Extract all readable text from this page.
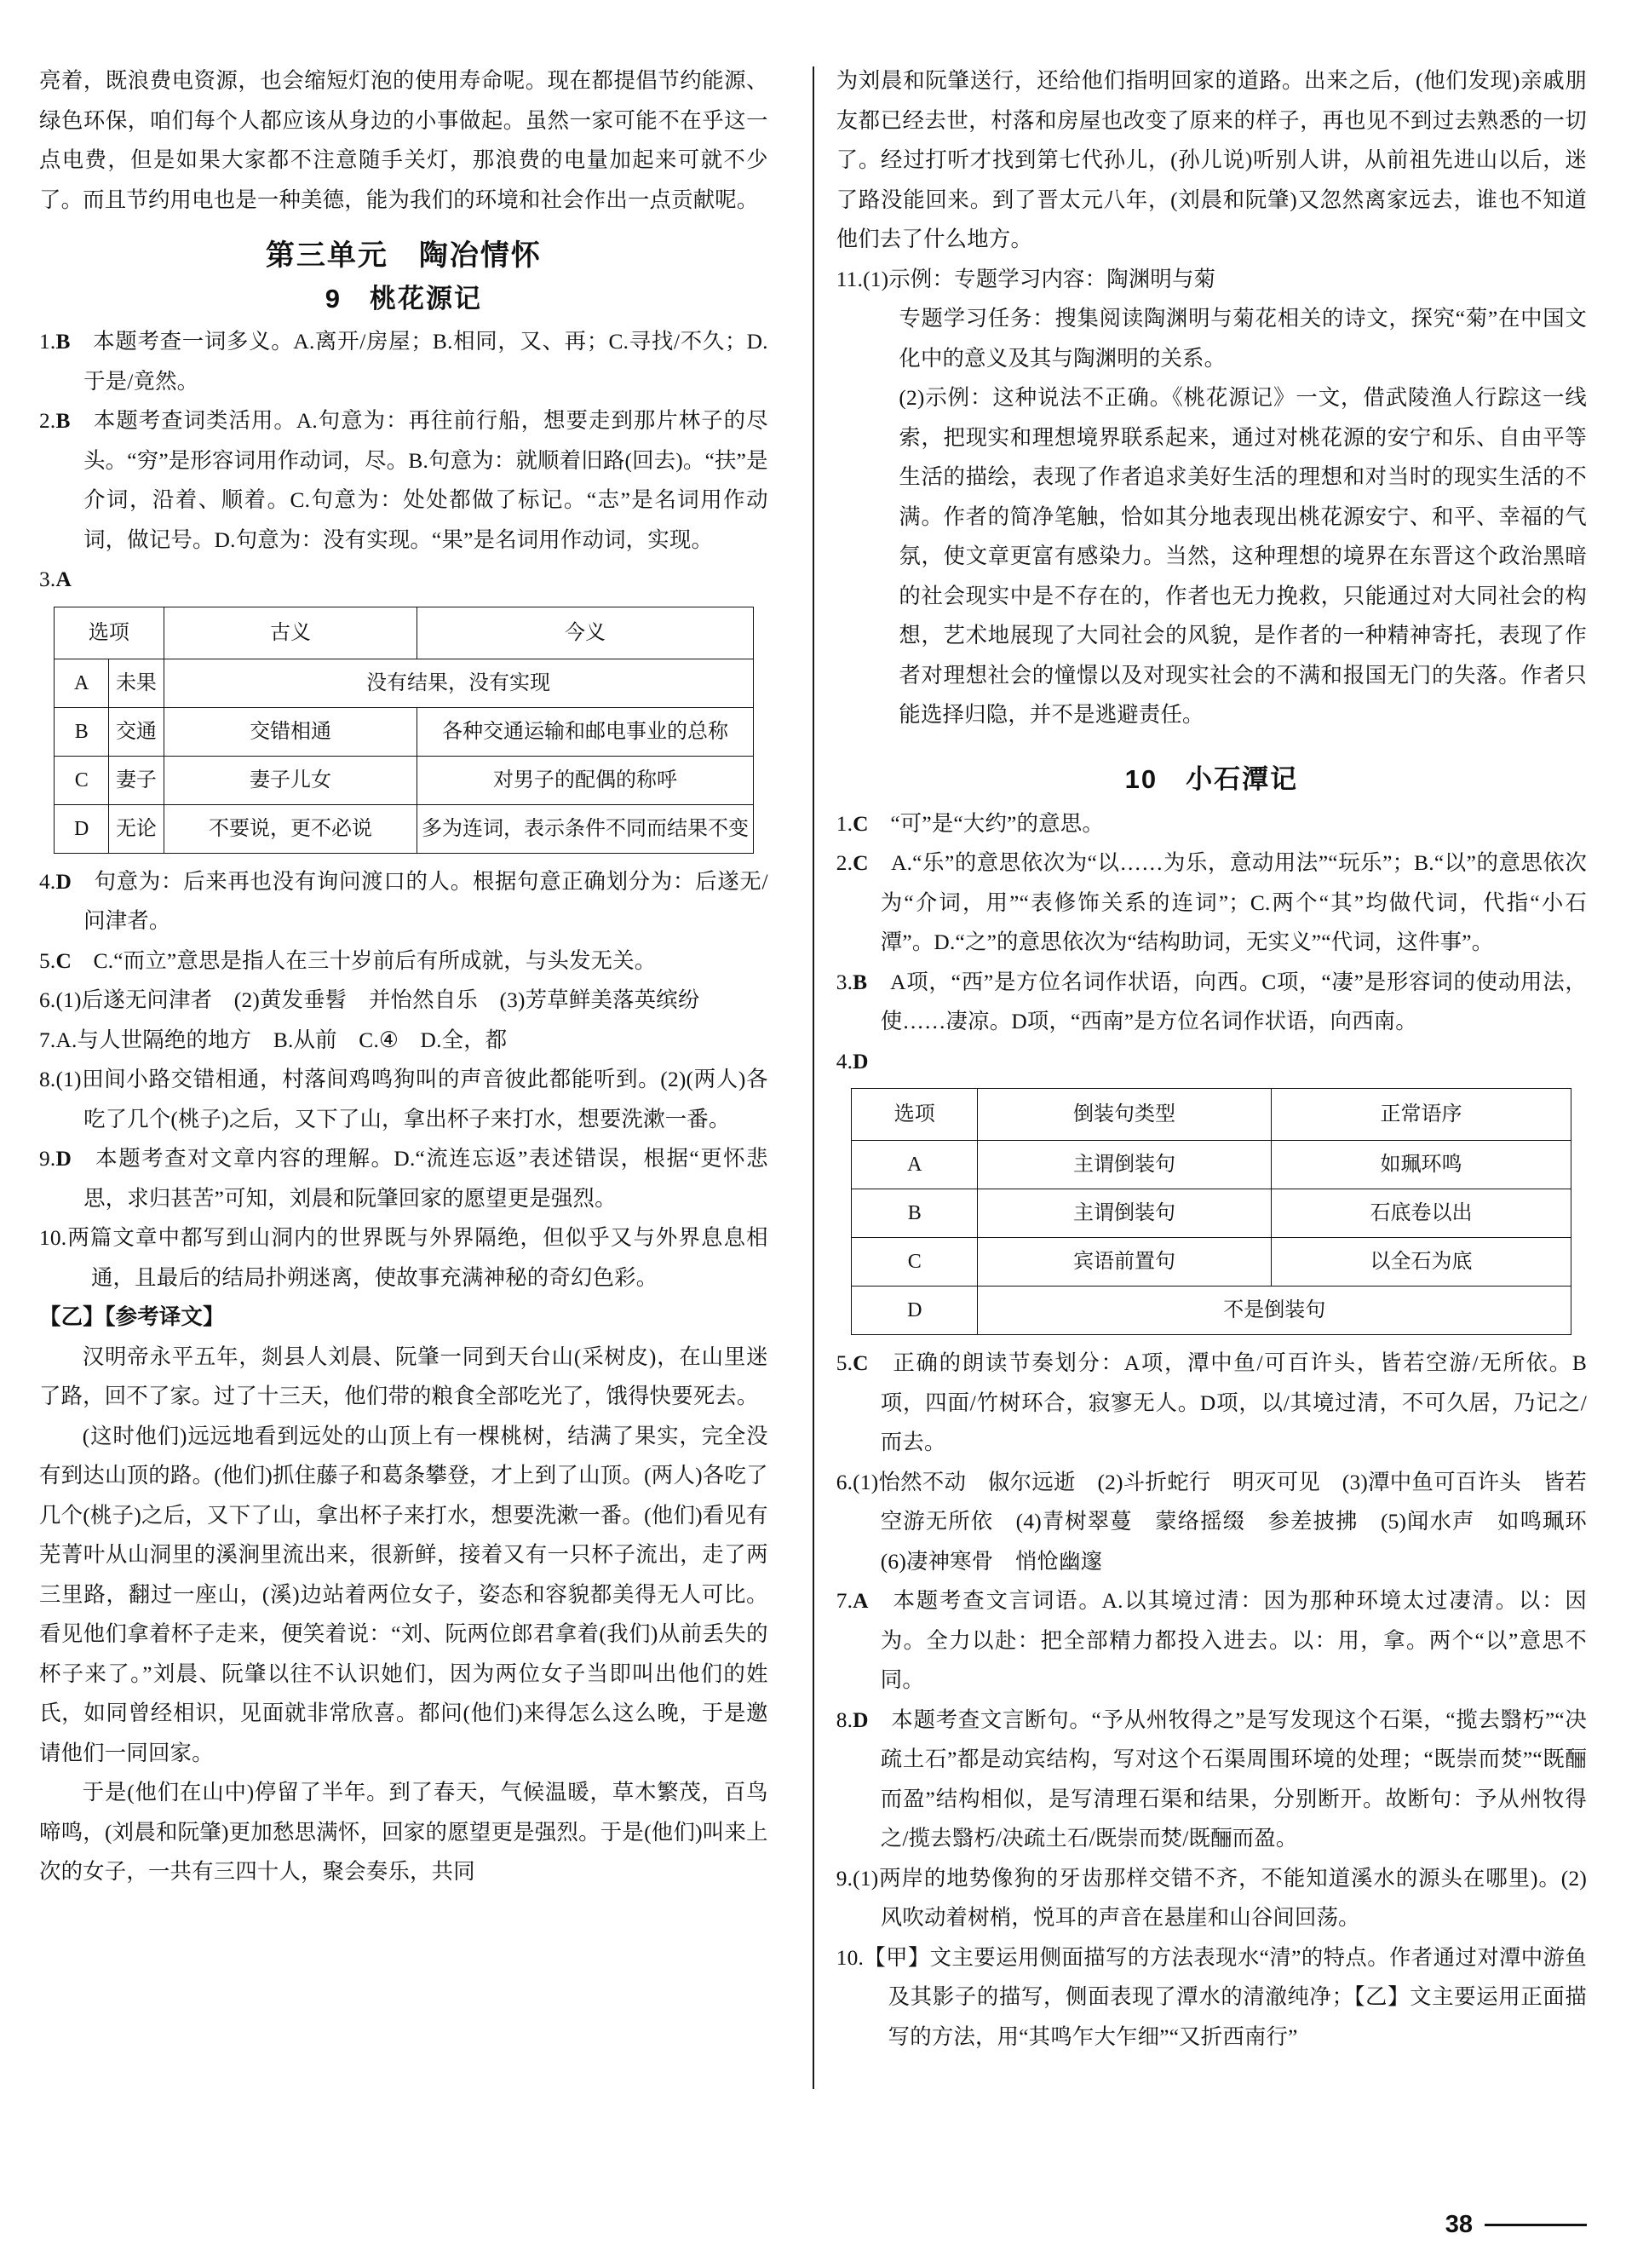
亮着，既浪费电资源，也会缩短灯泡的使用寿命呢。现在都提倡节约能源、绿色环保，咱们每个人都应该从身边的小事做起。虽然一家可能不在乎这一点电费，但是如果大家都不注意随手关灯，那浪费的电量加起来可就不少了。而且节约用电也是一种美德，能为我们的环境和社会作出一点贡献呢。

第三单元　陶冶情怀
9　桃花源记

1.B　 本题考查一词多义。A.离开/房屋；B.相同，又、再；C.寻找/不久；D.于是/竟然。

2.B　 本题考查词类活用。A.句意为：再往前行船，想要走到那片林子的尽头。“穷”是形容词用作动词，尽。B.句意为：就顺着旧路(回去)。“扶”是介词，沿着、顺着。C.句意为：处处都做了标记。“志”是名词用作动词，做记号。D.句意为：没有实现。“果”是名词用作动词，实现。

3.A

选项		古义	今义
A	未果	没有结果，没有实现	
B	交通	交错相通	各种交通运输和邮电事业的总称
C	妻子	妻子儿女	对男子的配偶的称呼
D	无论	不要说，更不必说	多为连词，表示条件不同而结果不变

4.D　 句意为：后来再也没有询问渡口的人。根据句意正确划分为：后遂无/问津者。

5.C　 C.“而立”意思是指人在三十岁前后有所成就，与头发无关。

6.(1)后遂无问津者　(2)黄发垂髫　并怡然自乐　(3)芳草鲜美落英缤纷

7.A.与人世隔绝的地方　B.从前　C.④　D.全，都

8.(1)田间小路交错相通，村落间鸡鸣狗叫的声音彼此都能听到。(2)(两人)各吃了几个(桃子)之后，又下了山，拿出杯子来打水，想要洗漱一番。

9.D　 本题考查对文章内容的理解。D.“流连忘返”表述错误，根据“更怀悲思，求归甚苦”可知，刘晨和阮肇回家的愿望更是强烈。

10.两篇文章中都写到山洞内的世界既与外界隔绝，但似乎又与外界息息相通，且最后的结局扑朔迷离，使故事充满神秘的奇幻色彩。

【乙】【参考译文】

汉明帝永平五年，剡县人刘晨、阮肇一同到天台山(采树皮)，在山里迷了路，回不了家。过了十三天，他们带的粮食全部吃光了，饿得快要死去。

(这时他们)远远地看到远处的山顶上有一棵桃树，结满了果实，完全没有到达山顶的路。(他们)抓住藤子和葛条攀登，才上到了山顶。(两人)各吃了几个(桃子)之后，又下了山，拿出杯子来打水，想要洗漱一番。(他们)看见有芜菁叶从山洞里的溪涧里流出来，很新鲜，接着又有一只杯子流出，走了两三里路，翻过一座山，(溪)边站着两位女子，姿态和容貌都美得无人可比。看见他们拿着杯子走来，便笑着说：“刘、阮两位郎君拿着(我们)从前丢失的杯子来了。”刘晨、阮肇以往不认识她们，因为两位女子当即叫出他们的姓氏，如同曾经相识，见面就非常欣喜。都问(他们)来得怎么这么晚，于是邀请他们一同回家。

于是(他们在山中)停留了半年。到了春天，气候温暖，草木繁茂，百鸟啼鸣，(刘晨和阮肇)更加愁思满怀，回家的愿望更是强烈。于是(他们)叫来上次的女子，一共有三四十人，聚会奏乐，共同

为刘晨和阮肇送行，还给他们指明回家的道路。出来之后，(他们发现)亲戚朋友都已经去世，村落和房屋也改变了原来的样子，再也见不到过去熟悉的一切了。经过打听才找到第七代孙儿，(孙儿说)听别人讲，从前祖先进山以后，迷了路没能回来。到了晋太元八年，(刘晨和阮肇)又忽然离家远去，谁也不知道他们去了什么地方。

11.(1)示例：专题学习内容：陶渊明与菊

专题学习任务：搜集阅读陶渊明与菊花相关的诗文，探究“菊”在中国文化中的意义及其与陶渊明的关系。

(2)示例：这种说法不正确。《桃花源记》一文，借武陵渔人行踪这一线索，把现实和理想境界联系起来，通过对桃花源的安宁和乐、自由平等生活的描绘，表现了作者追求美好生活的理想和对当时的现实生活的不满。作者的简净笔触，恰如其分地表现出桃花源安宁、和平、幸福的气氛，使文章更富有感染力。当然，这种理想的境界在东晋这个政治黑暗的社会现实中是不存在的，作者也无力挽救，只能通过对大同社会的构想，艺术地展现了大同社会的风貌，是作者的一种精神寄托，表现了作者对理想社会的憧憬以及对现实社会的不满和报国无门的失落。作者只能选择归隐，并不是逃避责任。

10　小石潭记

1.C　 “可”是“大约”的意思。

2.C　 A.“乐”的意思依次为“以……为乐，意动用法”“玩乐”；B.“以”的意思依次为“介词，用”“表修饰关系的连词”；C.两个“其”均做代词，代指“小石潭”。D.“之”的意思依次为“结构助词，无实义”“代词，这件事”。

3.B　 A项，“西”是方位名词作状语，向西。C项，“凄”是形容词的使动用法，使……凄凉。D项，“西南”是方位名词作状语，向西南。

4.D

选项	倒装句类型	正常语序
A	主谓倒装句	如珮环鸣
B	主谓倒装句	石底卷以出
C	宾语前置句	以全石为底
D	不是倒装句	

5.C　 正确的朗读节奏划分：A项，潭中鱼/可百许头，皆若空游/无所依。B项，四面/竹树环合，寂寥无人。D项，以/其境过清，不可久居，乃记之/而去。

6.(1)怡然不动　俶尔远逝　(2)斗折蛇行　明灭可见　(3)潭中鱼可百许头　皆若空游无所依　(4)青树翠蔓　蒙络摇缀　参差披拂　(5)闻水声　如鸣珮环　(6)凄神寒骨　悄怆幽邃

7.A　 本题考查文言词语。A.以其境过清：因为那种环境太过凄清。以：因为。全力以赴：把全部精力都投入进去。以：用，拿。两个“以”意思不同。

8.D　 本题考查文言断句。“予从州牧得之”是写发现这个石渠，“揽去翳朽”“决疏土石”都是动宾结构，写对这个石渠周围环境的处理；“既崇而焚”“既酾而盈”结构相似，是写清理石渠和结果，分别断开。故断句：予从州牧得之/揽去翳朽/决疏土石/既崇而焚/既酾而盈。

9.(1)两岸的地势像狗的牙齿那样交错不齐，不能知道溪水的源头在哪里)。(2)风吹动着树梢，悦耳的声音在悬崖和山谷间回荡。

10.【甲】文主要运用侧面描写的方法表现水“清”的特点。作者通过对潭中游鱼及其影子的描写，侧面表现了潭水的清澈纯净；【乙】文主要运用正面描写的方法，用“其鸣乍大乍细”“又折西南行”

38
